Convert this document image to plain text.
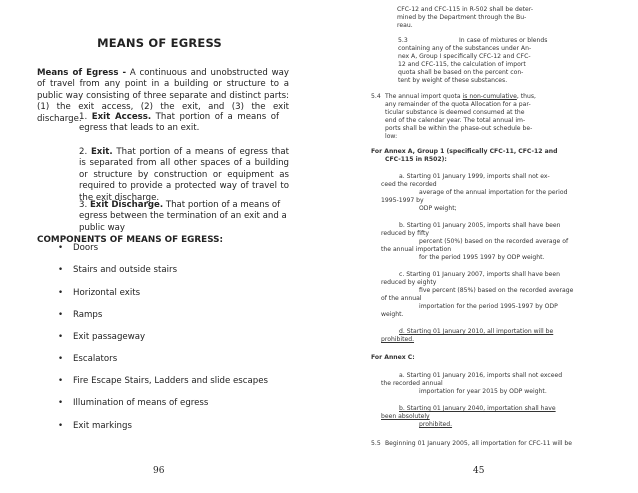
MEANS OF EGRESS

Means of Egress - A continuous and unobstructed way of travel from any point in a building or structure to a public way consisting of three separate and distinct parts: (1) the exit access, (2) the exit, and (3) the exit discharge.

1. Exit Access. That portion of a means of egress that leads to an exit.

2. Exit. That portion of a means of egress that is separated from all other spaces of a building or structure by construction or equipment as required to provide a protected way of travel to the exit discharge.

3. Exit Discharge. That portion of a means of egress between the termination of an exit and a public way

COMPONENTS OF MEANS OF EGRESS:
• Doors
• Stairs and outside stairs
• Horizontal exits
• Ramps
• Exit passageway
• Escalators
• Fire Escape Stairs, Ladders and slide escapes
• Illumination of means of egress
• Exit markings
96
CFC-12 and CFC-115 in R-502 shall be deter-
mined by the Department through the Bu-
reau.
5.3	In case of mixtures or blends
containing any of the substances under An-
nex A, Group I specifically CFC-12 and CFC-
12 and CFC-115, the calculation of import
quota shall be based on the percent con-
tent by weight of these substances.
5.4 The annual import quota is non-cumulative, thus,
any remainder of the quota Allocation for a par-
ticular substance is deemed consumed at the
end of the calendar year. The total annual im-
ports shall be within the phase-out schedule be-
low:
For Annex A, Group 1 (specifically CFC-11, CFC-12 and
CFC-115 in R502):
a. Starting 01 January 1999, imports shall not ex-
ceed the recorded
average of the annual importation for the period
1995-1997 by
ODP weight;
b. Starting 01 January 2005, imports shall have been
reduced by fifty
percent (50%) based on the recorded average of
the annual importation
for the period 1995 1997 by ODP weight.
c. Starting 01 January 2007, imports shall have been
reduced by eighty
five percent (85%) based on the recorded average
of the annual
importation for the period 1995-1997 by ODP
weight.
d. Starting 01 January 2010, all importation will be
prohibited.
For Annex C:
a. Starting 01 January 2016, imports shall not exceed
the recorded annual
importation for year 2015 by ODP weight.
b. Starting 01 January 2040, importation shall have
been absolutely
prohibited.
5.5 Beginning 01 January 2005, all importation for CFC-11 will be
45
